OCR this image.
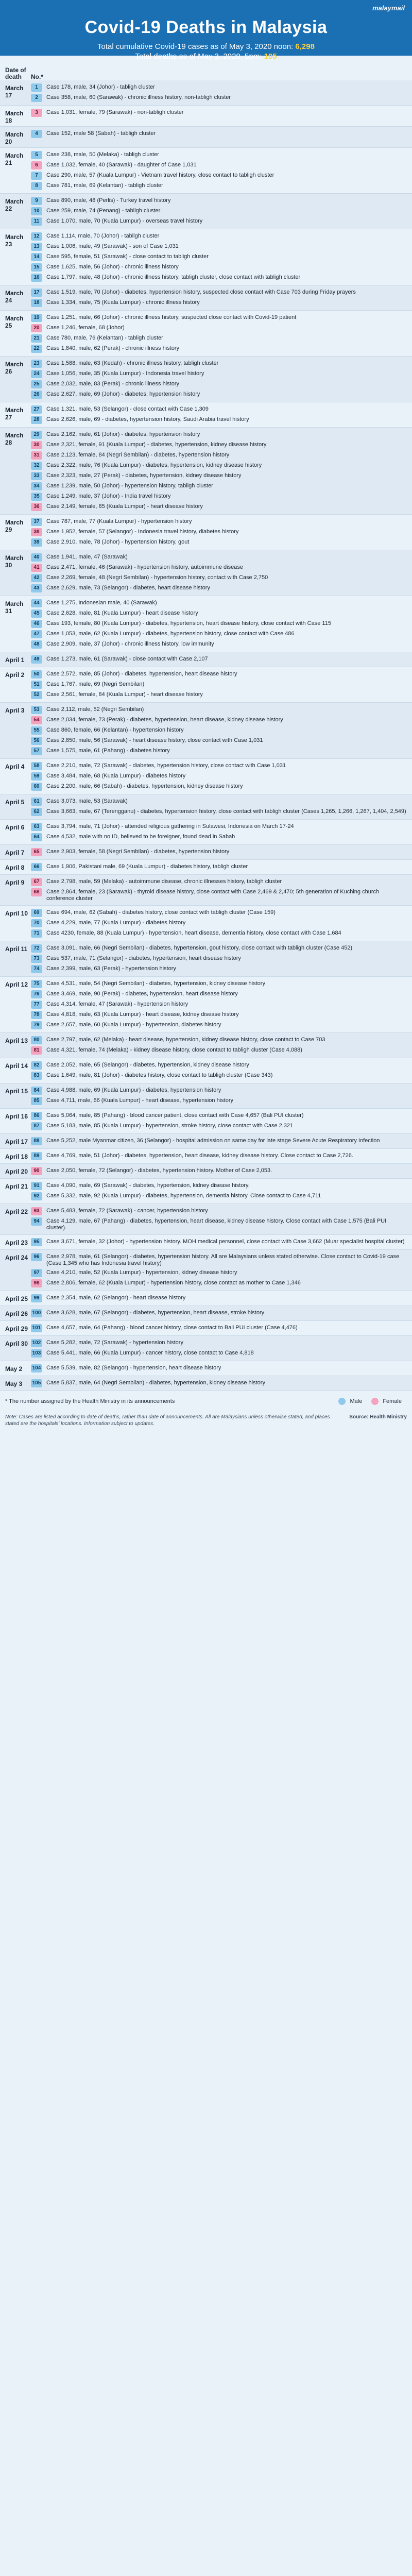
malaymail
Covid-19 Deaths in Malaysia
Total cumulative Covid-19 cases as of May 3, 2020 noon: 6,298
Total deaths as of May 3, 2020, 5pm: 105
Date of death	No.*
March 17
1	Case 178, male, 34 (Johor) - tabligh cluster
2	Case 358, male, 60 (Sarawak) - chronic illness history, non-tabligh cluster
March 18
3	Case 1,031, female, 79 (Sarawak) - non-tabligh cluster
March 20
4	Case 152, male 58 (Sabah) - tabligh cluster
March 21
5	Case 238, male, 50 (Melaka) - tabligh cluster
6	Case 1,032, female, 40 (Sarawak) - daughter of Case 1,031
7	Case 290, male, 57 (Kuala Lumpur) - Vietnam travel history, close contact to tabligh cluster
8	Case 781, male, 69 (Kelantan) - tabligh cluster
March 22
9	Case 890, male, 48 (Perlis) - Turkey travel history
10	Case 259, male, 74 (Penang) - tabligh cluster
11	Case 1,070, male, 70 (Kuala Lumpur) - overseas travel history
March 23
12	Case 1,114, male, 70 (Johor) - tabligh cluster
13	Case 1,006, male, 49 (Sarawak) - son of Case 1,031
14	Case 595, female, 51 (Sarawak) - close contact to tabligh cluster
15	Case 1,625, male, 56 (Johor) - chronic illness history
16	Case 1,797, male, 48 (Johor) - chronic illness history, tabligh cluster, close contact with tabligh cluster
March 24
17	Case 1,519, male, 70 (Johor) - diabetes, hypertension history, suspected close contact with Case 703 during Friday prayers
18	Case 1,334, male, 75 (Kuala Lumpur) - chronic illness history
March 25
19	Case 1,251, male, 66 (Johor) - chronic illness history, suspected close contact with Covid-19 patient
20	Case 1,246, female, 68 (Johor)
21	Case 780, male, 76 (Kelantan) - tabligh cluster
22	Case 1,840, male, 62 (Perak) - chronic illness history
March 26
23	Case 1,588, male, 63 (Kedah) - chronic illness history, tabligh cluster
24	Case 1,056, male, 35 (Kuala Lumpur) - Indonesia travel history
25	Case 2,032, male, 83 (Perak) - chronic illness history
26	Case 2,627, male, 69 (Johor) - diabetes, hypertension history
March 27
27	Case 1,321, male, 53 (Selangor) - close contact with Case 1,309
28	Case 2,626, male, 69 - diabetes, hypertension history, Saudi Arabia travel history
March 28
29	Case 2,162, male, 61 (Johor) - diabetes, hypertension history
30	Case 2,321, female, 91 (Kuala Lumpur) - diabetes, hypertension, kidney disease history
31	Case 2,123, female, 84 (Negri Sembilan) - diabetes, hypertension history
32	Case 2,322, male, 76 (Kuala Lumpur) - diabetes, hypertension, kidney disease history
33	Case 2,323, male, 27 (Perak) - diabetes, hypertension, kidney disease history
34	Case 1,239, male, 50 (Johor) - hypertension history, tabligh cluster
35	Case 1,249, male, 37 (Johor) - India travel history
36	Case 2,149, female, 85 (Kuala Lumpur) - heart disease history
March 29
37	Case 787, male, 77 (Kuala Lumpur) - hypertension history
38	Case 1,952, female, 57 (Selangor) - Indonesia travel history, diabetes history
39	Case 2,910, male, 78 (Johor) - hypertension history, gout
March 30
40	Case 1,941, male, 47 (Sarawak)
41	Case 2,471, female, 46 (Sarawak) - hypertension history, autoimmune disease
42	Case 2,269, female, 48 (Negri Sembilan) - hypertension history, contact with Case 2,750
43	Case 2,629, male, 73 (Selangor) - diabetes, heart disease history
March 31
44	Case 1,275, Indonesian male, 40 (Sarawak)
45	Case 2,628, male, 81 (Kuala Lumpur) - heart disease history
46	Case 193, female, 80 (Kuala Lumpur) - diabetes, hypertension, heart disease history, close contact with Case 115
47	Case 1,053, male, 62 (Kuala Lumpur) - diabetes, hypertension history, close contact with Case 486
48	Case 2,909, male, 37 (Johor) - chronic illness history, low immunity
April 1	49	Case 1,273, male, 61 (Sarawak) - close contact with Case 2,107
April 2	50	Case 2,572, male, 85 (Johor) - diabetes, hypertension, heart disease history
51	Case 1,767, male, 69 (Negri Sembilan)
52	Case 2,561, female, 84 (Kuala Lumpur) - heart disease history
April 3	53	Case 2,112, male, 52 (Negri Sembilan)
54	Case 2,034, female, 73 (Perak) - diabetes, hypertension, heart disease, kidney disease history
55	Case 860, female, 66 (Kelantan) - hypertension history
56	Case 2,850, male, 56 (Sarawak) - heart disease history, close contact with Case 1,031
57	Case 1,575, male, 61 (Pahang) - diabetes history
April 4	58	Case 2,210, male, 72 (Sarawak) - diabetes, hypertension history, close contact with Case 1,031
59	Case 3,484, male, 68 (Kuala Lumpur) - diabetes history
60	Case 2,200, male, 66 (Sabah) - diabetes, hypertension, kidney disease history
April 5	61	Case 3,073, male, 53 (Sarawak)
62	Case 3,663, male, 67 (Terengganu) - diabetes, hypertension history, close contact with tabligh cluster (Cases 1,265, 1,266, 1,267, 1,404, 2,549)
April 6	63	Case 3,794, male, 71 (Johor) - attended religious gathering in Sulawesi, Indonesia on March 17-24
64	Case 4,532, male with no ID, believed to be foreigner, found dead in Sabah
April 7	65	Case 2,903, female, 58 (Negri Sembilan) - diabetes, hypertension history
April 8	66	Case 1,906, Pakistani male, 69 (Kuala Lumpur) - diabetes history, tabligh cluster
April 9	67	Case 2,798, male, 59 (Melaka) - autoimmune disease, chronic illnesses history, tabligh cluster
68	Case 2,864, female, 23 (Sarawak) - thyroid disease history, close contact with Case 2,469 & 2,470; 5th generation of Kuching church conference cluster
April 10	69	Case 694, male, 62 (Sabah) - diabetes history, close contact with tabligh cluster (Case 159)
70	Case 4,229, male, 77 (Kuala Lumpur) - diabetes history
71	Case 4230, female, 88 (Kuala Lumpur) - hypertension, heart disease, dementia history, close contact with Case 1,684
April 11	72	Case 3,091, male, 66 (Negri Sembilan) - diabetes, hypertension, gout history, close contact with tabligh cluster (Case 452)
73	Case 537, male, 71 (Selangor) - diabetes, hypertension, heart disease history
74	Case 2,399, male, 63 (Perak) - hypertension history
April 12	75	Case 4,531, male, 54 (Negri Sembilan) - diabetes, hypertension, kidney disease history
76	Case 3,469, male, 90 (Perak) - diabetes, hypertension, heart disease history
77	Case 4,314, female, 47 (Sarawak) - hypertension history
78	Case 4,818, male, 63 (Kuala Lumpur) - heart disease, kidney disease history
79	Case 2,657, male, 60 (Kuala Lumpur) - hypertension, diabetes history
April 13	80	Case 2,797, male, 62 (Melaka) - heart disease, hypertension, kidney disease history, close contact to Case 703
81	Case 4,321, female, 74 (Melaka) - kidney disease history, close contact to tabligh cluster (Case 4,088)
April 14	82	Case 2,052, male, 65 (Selangor) - diabetes, hypertension, kidney disease history
83	Case 1,649, male, 81 (Johor) - diabetes history, close contact to tabligh cluster (Case 343)
April 15	84	Case 4,988, male, 69 (Kuala Lumpur) - diabetes, hypertension history
85	Case 4,711, male, 66 (Kuala Lumpur) - heart disease, hypertension history
April 16	86	Case 5,064, male, 85 (Pahang) - blood cancer patient, close contact with Case 4,657 (Bali PUI cluster)
87	Case 5,183, male, 85 (Kuala Lumpur) - hypertension, stroke history, close contact with Case 2,321
April 17	88	Case 5,252, male Myanmar citizen, 36 (Selangor) - hospital admission on same day for late stage Severe Acute Respiratory Infection
April 18	89	Case 4,769, male, 51 (Johor) - diabetes, hypertension, heart disease, kidney disease history. Close contact to Case 2,726.
April 20	90	Case 2,050, female, 72 (Selangor) - diabetes, hypertension history. Mother of Case 2,053.
April 21	91	Case 4,090, male, 69 (Sarawak) - diabetes, hypertension, kidney disease history.
92	Case 5,332, male, 92 (Kuala Lumpur) - diabetes, hypertension, dementia history. Close contact to Case 4,711
April 22	93	Case 5,483, female, 72 (Sarawak) - cancer, hypertension history
94	Case 4,129, male, 67 (Pahang) - diabetes, hypertension, heart disease, kidney disease history. Close contact with Case 1,575 (Bali PUI cluster).
April 23	95	Case 3,671, female, 32 (Johor) - hypertension history. MOH medical personnel, close contact with Case 3,662 (Muar specialist hospital cluster)
April 24	96	Case 2,978, male, 61 (Selangor) - diabetes, hypertension history. All are Malaysians unless stated otherwise. Close contact to Covid-19 case (Case 1,345 who has Indonesia travel history)
97	Case 4,210, male, 52 (Kuala Lumpur) - hypertension, kidney disease history
98	Case 2,806, female, 62 (Kuala Lumpur) - hypertension history, close contact as mother to Case 1,346
April 25	99	Case 2,354, male, 62 (Selangor) - heart disease history
April 26 100 Case 3,628, male, 67 (Selangor) - diabetes, hypertension, heart disease, stroke history
April 29 101 Case 4,657, male, 64 (Pahang) - blood cancer history, close contact to Bali PUI cluster (Case 4,476)
April 30 102 Case 5,282, male, 72 (Sarawak) - hypertension history
103 Case 5,441, male, 66 (Kuala Lumpur) - cancer history, close contact to Case 4,818
May 2	104 Case 5,539, male, 82 (Selangor) - hypertension, heart disease history
May 3	105 Case 5,837, male, 64 (Negri Sembilan) - diabetes, hypertension, kidney disease history
* The number assigned by the Health Ministry in its announcements	Male	Female
Note: Cases are listed according to date of deaths, rather than date of announcements. All are Malaysians unless otherwise stated, and places stated are the hospitals' locations. Information subject to updates.
Source: Health Ministry
